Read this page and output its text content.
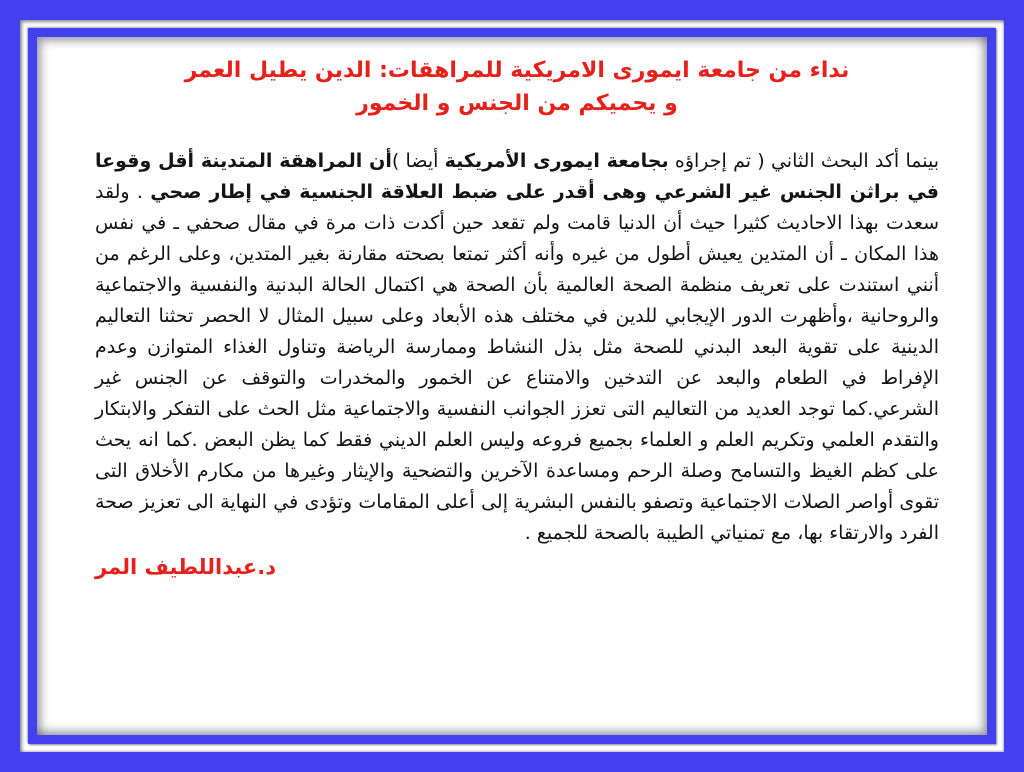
نداء من جامعة ايمورى الامريكية للمراهقات: الدين يطيل العمر
و يحميكم من الجنس و الخمور

بينما أكد البحث الثاني ( تم إجراؤه بجامعة ايمورى الأمريكية أيضا )أن المراهقة المتدينة أقل وقوعا في براثن الجنس غير الشرعي وهى أقدر على ضبط العلاقة الجنسية في إطار صحي . ولقد سعدت بهذا الاحاديث كثيرا حيث أن الدنيا قامت ولم تقعد حين أكدت ذات مرة في مقال صحفي ـ في نفس هذا المكان ـ أن المتدين يعيش أطول من غيره وأنه أكثر تمتعا بصحته مقارنة بغير المتدين، وعلى الرغم من أنني استندت على تعريف منظمة الصحة العالمية بأن الصحة هي اكتمال الحالة البدنية والنفسية والاجتماعية والروحانية ،وأظهرت الدور الإيجابي للدين في مختلف هذه الأبعاد وعلى سبيل المثال لا الحصر تحثنا التعاليم الدينية على تقوية البعد البدني للصحة مثل بذل النشاط وممارسة الرياضة وتناول الغذاء المتوازن وعدم الإفراط في الطعام والبعد عن التدخين والامتناع عن الخمور والمخدرات والتوقف عن الجنس غير الشرعي.كما توجد العديد من التعاليم التى تعزز الجوانب النفسية والاجتماعية مثل الحث على التفكر والابتكار والتقدم العلمي وتكريم العلم و العلماء بجميع فروعه وليس العلم الديني فقط كما يظن البعض .كما انه يحث على كظم الغيظ والتسامح وصلة الرحم ومساعدة الآخرين والتضحية والإيثار وغيرها من مكارم الأخلاق التى تقوى أواصر الصلات الاجتماعية وتصفو بالنفس البشرية إلى أعلى المقامات وتؤدى في النهاية الى تعزيز صحة الفرد والارتقاء بها، مع تمنياتي الطيبة بالصحة للجميع .

د.عبداللطيف المر
